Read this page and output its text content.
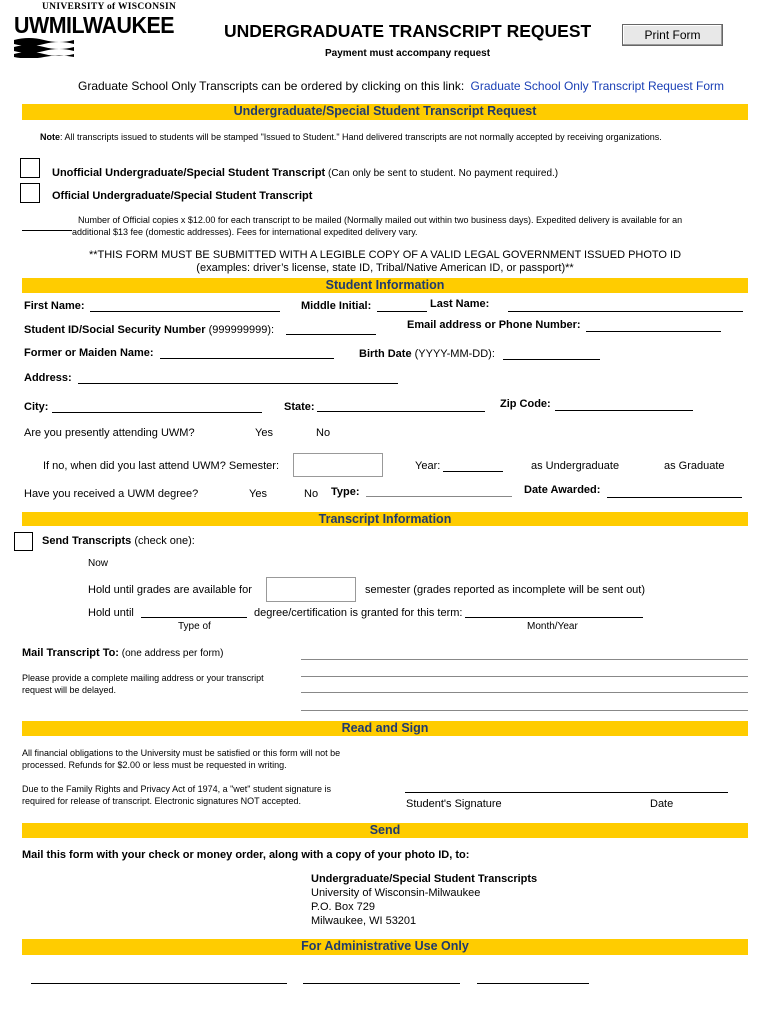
UNIVERSITY of WISCONSIN
UWMILWAUKEE	UNDERGRADUATE TRANSCRIPT REQUEST
Payment must accompany request
Print Form
Graduate School Only Transcripts can be ordered by clicking on this link: Graduate School Only Transcript Request Form
Undergraduate/Special Student Transcript Request
Note: All transcripts issued to students will be stamped "Issued to Student." Hand delivered transcripts are not normally accepted by receiving organizations.
Unofficial Undergraduate/Special Student Transcript (Can only be sent to student. No payment required.)
Official Undergraduate/Special Student Transcript
Number of Official copies x $12.00 for each transcript to be mailed (Normally mailed out within two business days). Expedited delivery is available for an
additional $13 fee (domestic addresses). Fees for international expedited delivery vary.
**THIS FORM MUST BE SUBMITTED WITH A LEGIBLE COPY OF A VALID LEGAL GOVERNMENT ISSUED PHOTO ID
(examples: driver’s license, state ID, Tribal/Native American ID, or passport)**
Student Information
First Name:	Middle Initial:	Last Name:
Student ID/Social Security Number (999999999):	Email address or Phone Number:
Former or Maiden Name:	Birth Date (YYYY-MM-DD):
Address:
City:	State:	Zip Code:
Are you presently attending UWM?	Yes	No
If no, when did you last attend UWM? Semester:	Year:	as Undergraduate	as Graduate
Have you received a UWM degree?	Yes	No Type:	Date Awarded:
Transcript Information
Send Transcripts (check one):
Now
Hold until grades are available for	semester (grades reported as incomplete will be sent out)
Hold until	degree/certification is granted for this term:
Type of	Month/Year
Mail Transcript To: (one address per form)
Please provide a complete mailing address or your transcript
request will be delayed.
Read and Sign
All financial obligations to the University must be satisfied or this form will not be
processed. Refunds for $2.00 or less must be requested in writing.
Due to the Family Rights and Privacy Act of 1974, a "wet" student signature is
required for release of transcript. Electronic signatures NOT accepted.	Student's Signature	Date
Send
Mail this form with your check or money order, along with a copy of your photo ID, to:
Undergraduate/Special Student Transcripts
University of Wisconsin-Milwaukee
P.O. Box 729
Milwaukee, WI 53201
For Administrative Use Only
